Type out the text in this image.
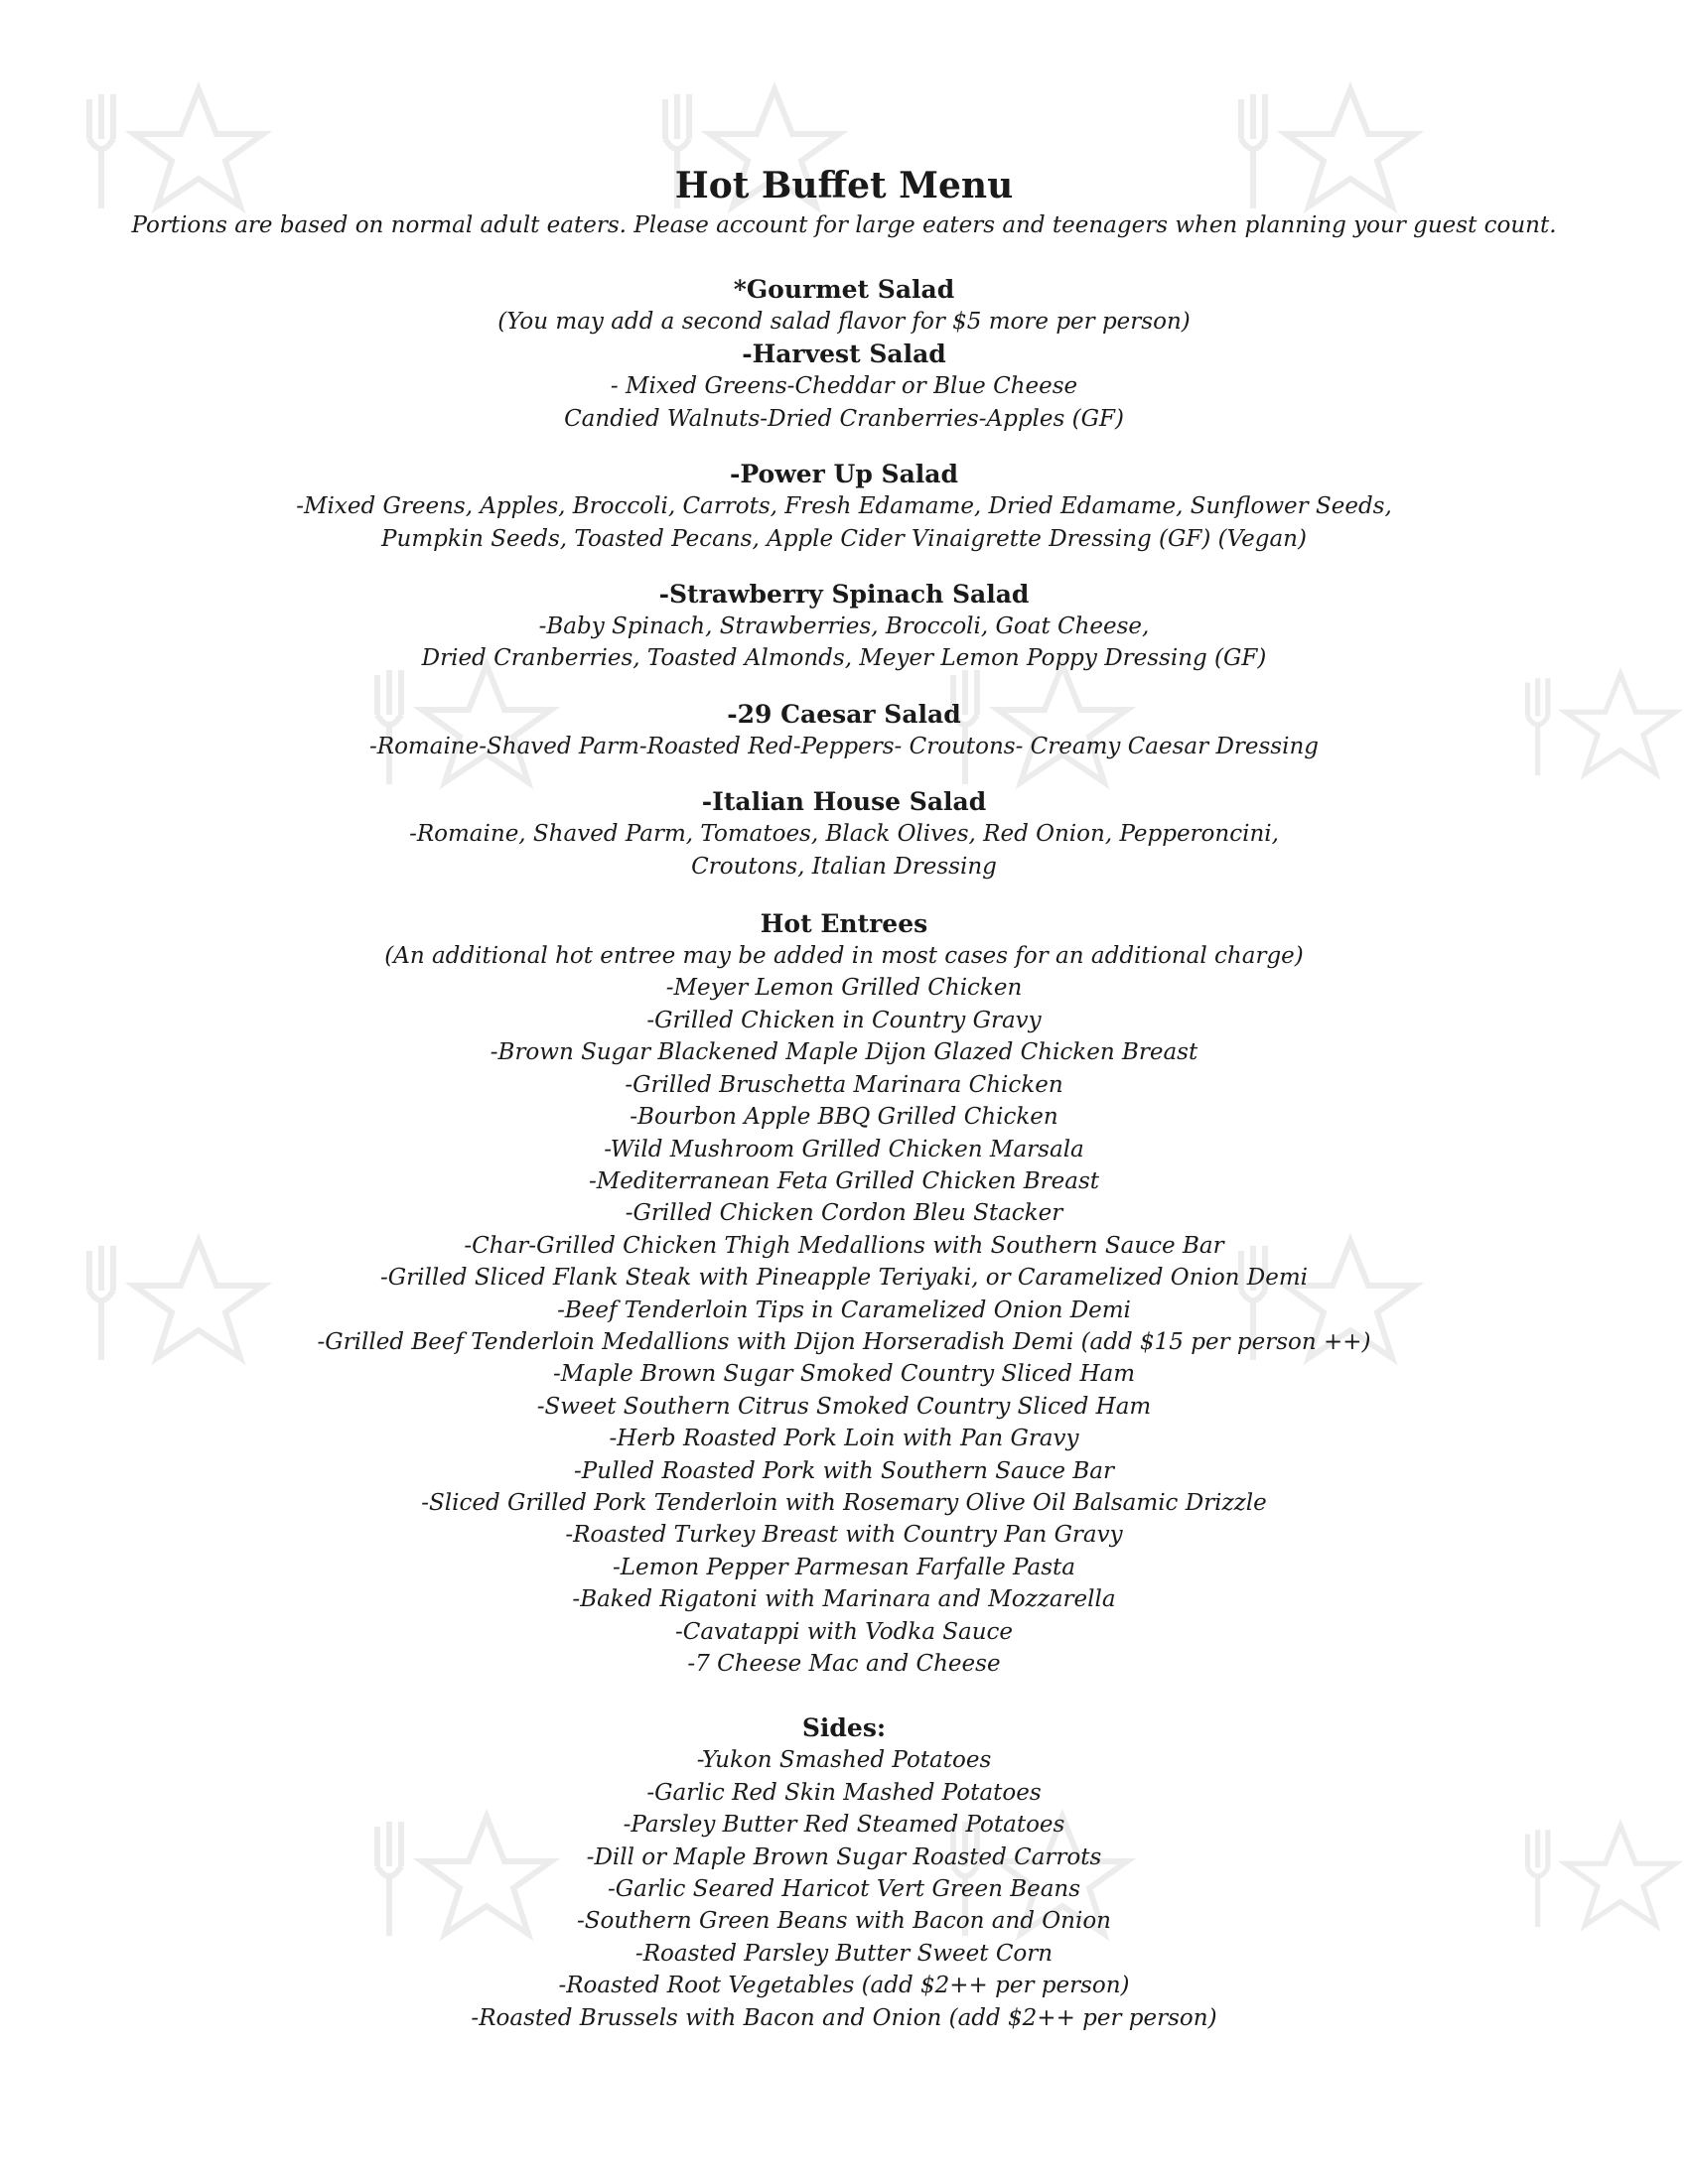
Hot Buffet Menu

Portions are based on normal adult eaters. Please account for large eaters and teenagers when planning your guest count.

*Gourmet Salad

(You may add a second salad flavor for $5 more per person)

-Harvest Salad

- Mixed Greens-Cheddar or Blue Cheese

Candied Walnuts-Dried Cranberries-Apples (GF)

-Power Up Salad

-Mixed Greens, Apples, Broccoli, Carrots, Fresh Edamame, Dried Edamame, Sunflower Seeds,

Pumpkin Seeds, Toasted Pecans, Apple Cider Vinaigrette Dressing (GF) (Vegan)

-Strawberry Spinach Salad

-Baby Spinach, Strawberries, Broccoli, Goat Cheese,

Dried Cranberries, Toasted Almonds, Meyer Lemon Poppy Dressing (GF)

-29 Caesar Salad

-Romaine-Shaved Parm-Roasted Red-Peppers- Croutons- Creamy Caesar Dressing

-Italian House Salad

-Romaine, Shaved Parm, Tomatoes, Black Olives, Red Onion, Pepperoncini,

Croutons, Italian Dressing

Hot Entrees

(An additional hot entree may be added in most cases for an additional charge)

-Meyer Lemon Grilled Chicken

-Grilled Chicken in Country Gravy

-Brown Sugar Blackened Maple Dijon Glazed Chicken Breast

-Grilled Bruschetta Marinara Chicken

-Bourbon Apple BBQ Grilled Chicken

-Wild Mushroom Grilled Chicken Marsala

-Mediterranean Feta Grilled Chicken Breast

-Grilled Chicken Cordon Bleu Stacker

-Char-Grilled Chicken Thigh Medallions with Southern Sauce Bar

-Grilled Sliced Flank Steak with Pineapple Teriyaki, or Caramelized Onion Demi

-Beef Tenderloin Tips in Caramelized Onion Demi

-Grilled Beef Tenderloin Medallions with Dijon Horseradish Demi (add $15 per person ++)

-Maple Brown Sugar Smoked Country Sliced Ham

-Sweet Southern Citrus Smoked Country Sliced Ham

-Herb Roasted Pork Loin with Pan Gravy

-Pulled Roasted Pork with Southern Sauce Bar

-Sliced Grilled Pork Tenderloin with Rosemary Olive Oil Balsamic Drizzle

-Roasted Turkey Breast with Country Pan Gravy

-Lemon Pepper Parmesan Farfalle Pasta

-Baked Rigatoni with Marinara and Mozzarella

-Cavatappi with Vodka Sauce

-7 Cheese Mac and Cheese

Sides:

-Yukon Smashed Potatoes

-Garlic Red Skin Mashed Potatoes

-Parsley Butter Red Steamed Potatoes

-Dill or Maple Brown Sugar Roasted Carrots

-Garlic Seared Haricot Vert Green Beans

-Southern Green Beans with Bacon and Onion

-Roasted Parsley Butter Sweet Corn

-Roasted Root Vegetables (add $2++ per person)

-Roasted Brussels with Bacon and Onion (add $2++ per person)
